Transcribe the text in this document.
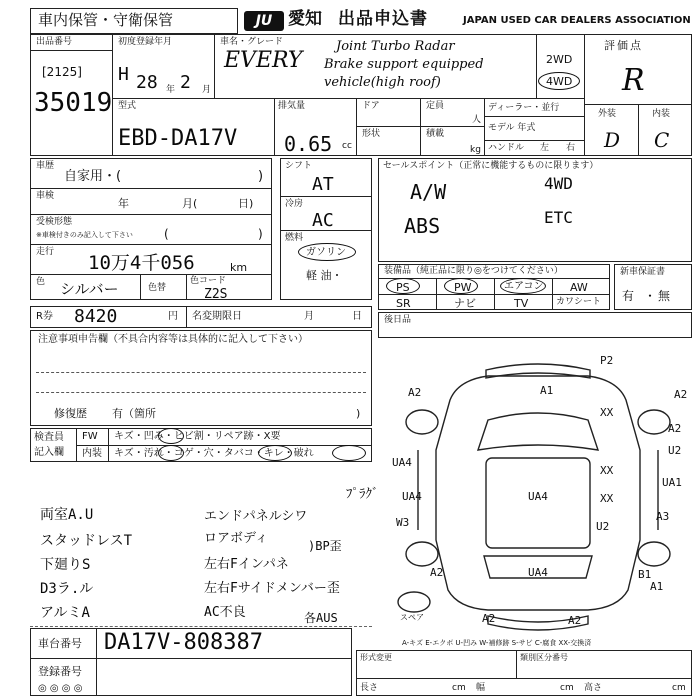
車内保管・守衛保管	JU 愛知 出品申込書	JAPAN USED CAR DEALERS ASSOCIATION
出品番号
[2125]
35019
初度登録年月
H 28 年 2 月
車名・グレード
EVERY
Joint Turbo Radar
Brake support equipped
vehicle(high roof)
2WD
4WD
評価点
R
外装	内装
D C
型式
EBD-DA17V
排気量
0.65 cc
ドア	定員
人
形状	積載
kg
ディーラー・並行
モデル 年式
ハンドル 左 右
車歴
自家用・(	)
車検
年	月(	日)
受検形態
※車検付きのみ記入して下さい	(	)
走行 10万4千056	km
色 シルバー	色替
色コード
Z2S
シフト
AT
冷房
AC
燃料
ガソリン
軽 油・
セールスポイント（正常に機能するものに限ります）
A/W	4WD
ABS	ETC
装備品（純正品に限り◎をつけてください）
PS	PW	エアコン AW
SR	ナビ	TV	カワシート
新車保証書
有 ・ 無
R券 8420	円 名変期限日	月	日
注意事項申告欄（不具合内容等は具体的に記入して下さい）
修復歴 有（箇所	)
後日品
検査員
記入欄
FW キズ・凹み・ヒビ割・リペア跡・X要
内装 キズ・汚れ・コゲ・穴・タバコ・キレ・破れ
ﾌﾟﾗｸﾞ
両室A.U	エンドパネルシワ
スタッドレスT	ロアボディ	)BP歪
下廻りS	左右Fインパネ
D3ラ.ル	左右Fサイドメンバー歪
アルミA	AC不良	各AUS
P2
A2	A1	A2
A2
XX
U2
UA4
UA4
XX
XX
UA1
UA4
U2
A3
W3
B1
A1
A2	UA4
A2	A2
スペア
A-キズ E-エクボ U-凹み W-補修跡 S-サビ C-腐食 XX-交換済
車台番号 DA17V-808387
登録番号
◎ ◎ ◎ ◎
形式変更	類別区分番号
長さ	cm 幅	cm 高さ	cm
